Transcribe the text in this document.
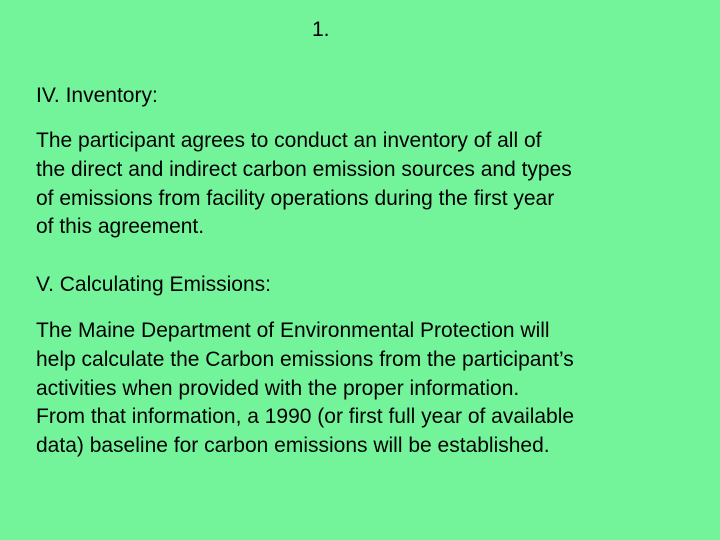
1.
IV. Inventory:
The participant agrees to conduct an inventory of all of
the direct and indirect carbon emission sources and types
of emissions from facility operations during the first year
of this agreement.
V. Calculating Emissions:
The Maine Department of Environmental Protection will
help calculate the Carbon emissions from the participant’s
activities when provided with the proper information.
From that information, a 1990 (or first full year of available
data) baseline for carbon emissions will be established.
